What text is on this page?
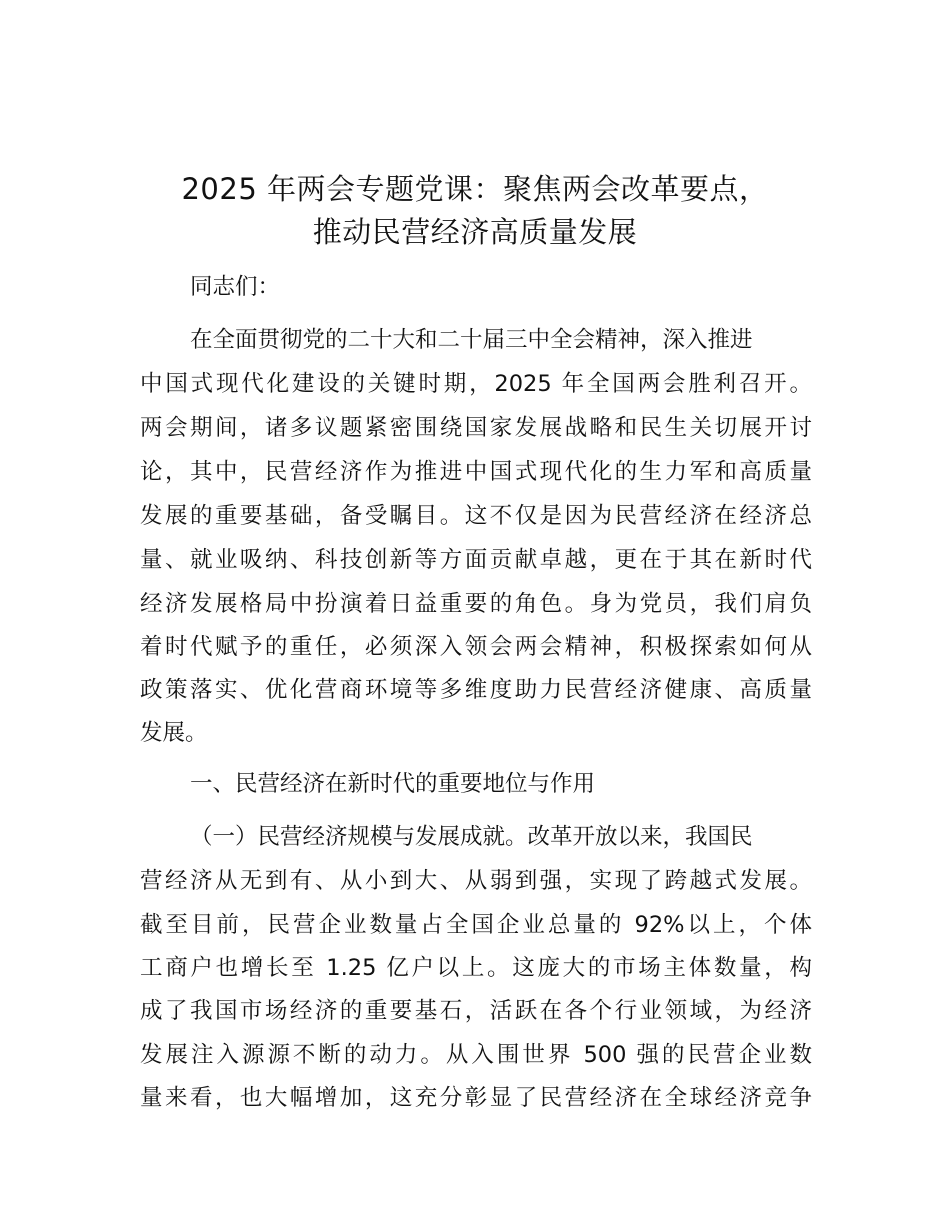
2025 年两会专题党课：聚焦两会改革要点，
推动民营经济高质量发展
同志们：
在全面贯彻党的二十大和二十届三中全会精神，深入推进
中国式现代化建设的关键时期，2025 年全国两会胜利召开。
两会期间，诸多议题紧密围绕国家发展战略和民生关切展开讨
论，其中，民营经济作为推进中国式现代化的生力军和高质量
发展的重要基础，备受瞩目。这不仅是因为民营经济在经济总
量、就业吸纳、科技创新等方面贡献卓越，更在于其在新时代
经济发展格局中扮演着日益重要的角色。身为党员，我们肩负
着时代赋予的重任，必须深入领会两会精神，积极探索如何从
政策落实、优化营商环境等多维度助力民营经济健康、高质量
发展。
一、民营经济在新时代的重要地位与作用
（一）民营经济规模与发展成就。改革开放以来，我国民
营经济从无到有、从小到大、从弱到强，实现了跨越式发展。
截至目前，民营企业数量占全国企业总量的 92%以上，个体
工商户也增长至 1.25 亿户以上。这庞大的市场主体数量，构
成了我国市场经济的重要基石，活跃在各个行业领域，为经济
发展注入源源不断的动力。从入围世界 500 强的民营企业数
量来看，也大幅增加，这充分彰显了民营经济在全球经济竞争
